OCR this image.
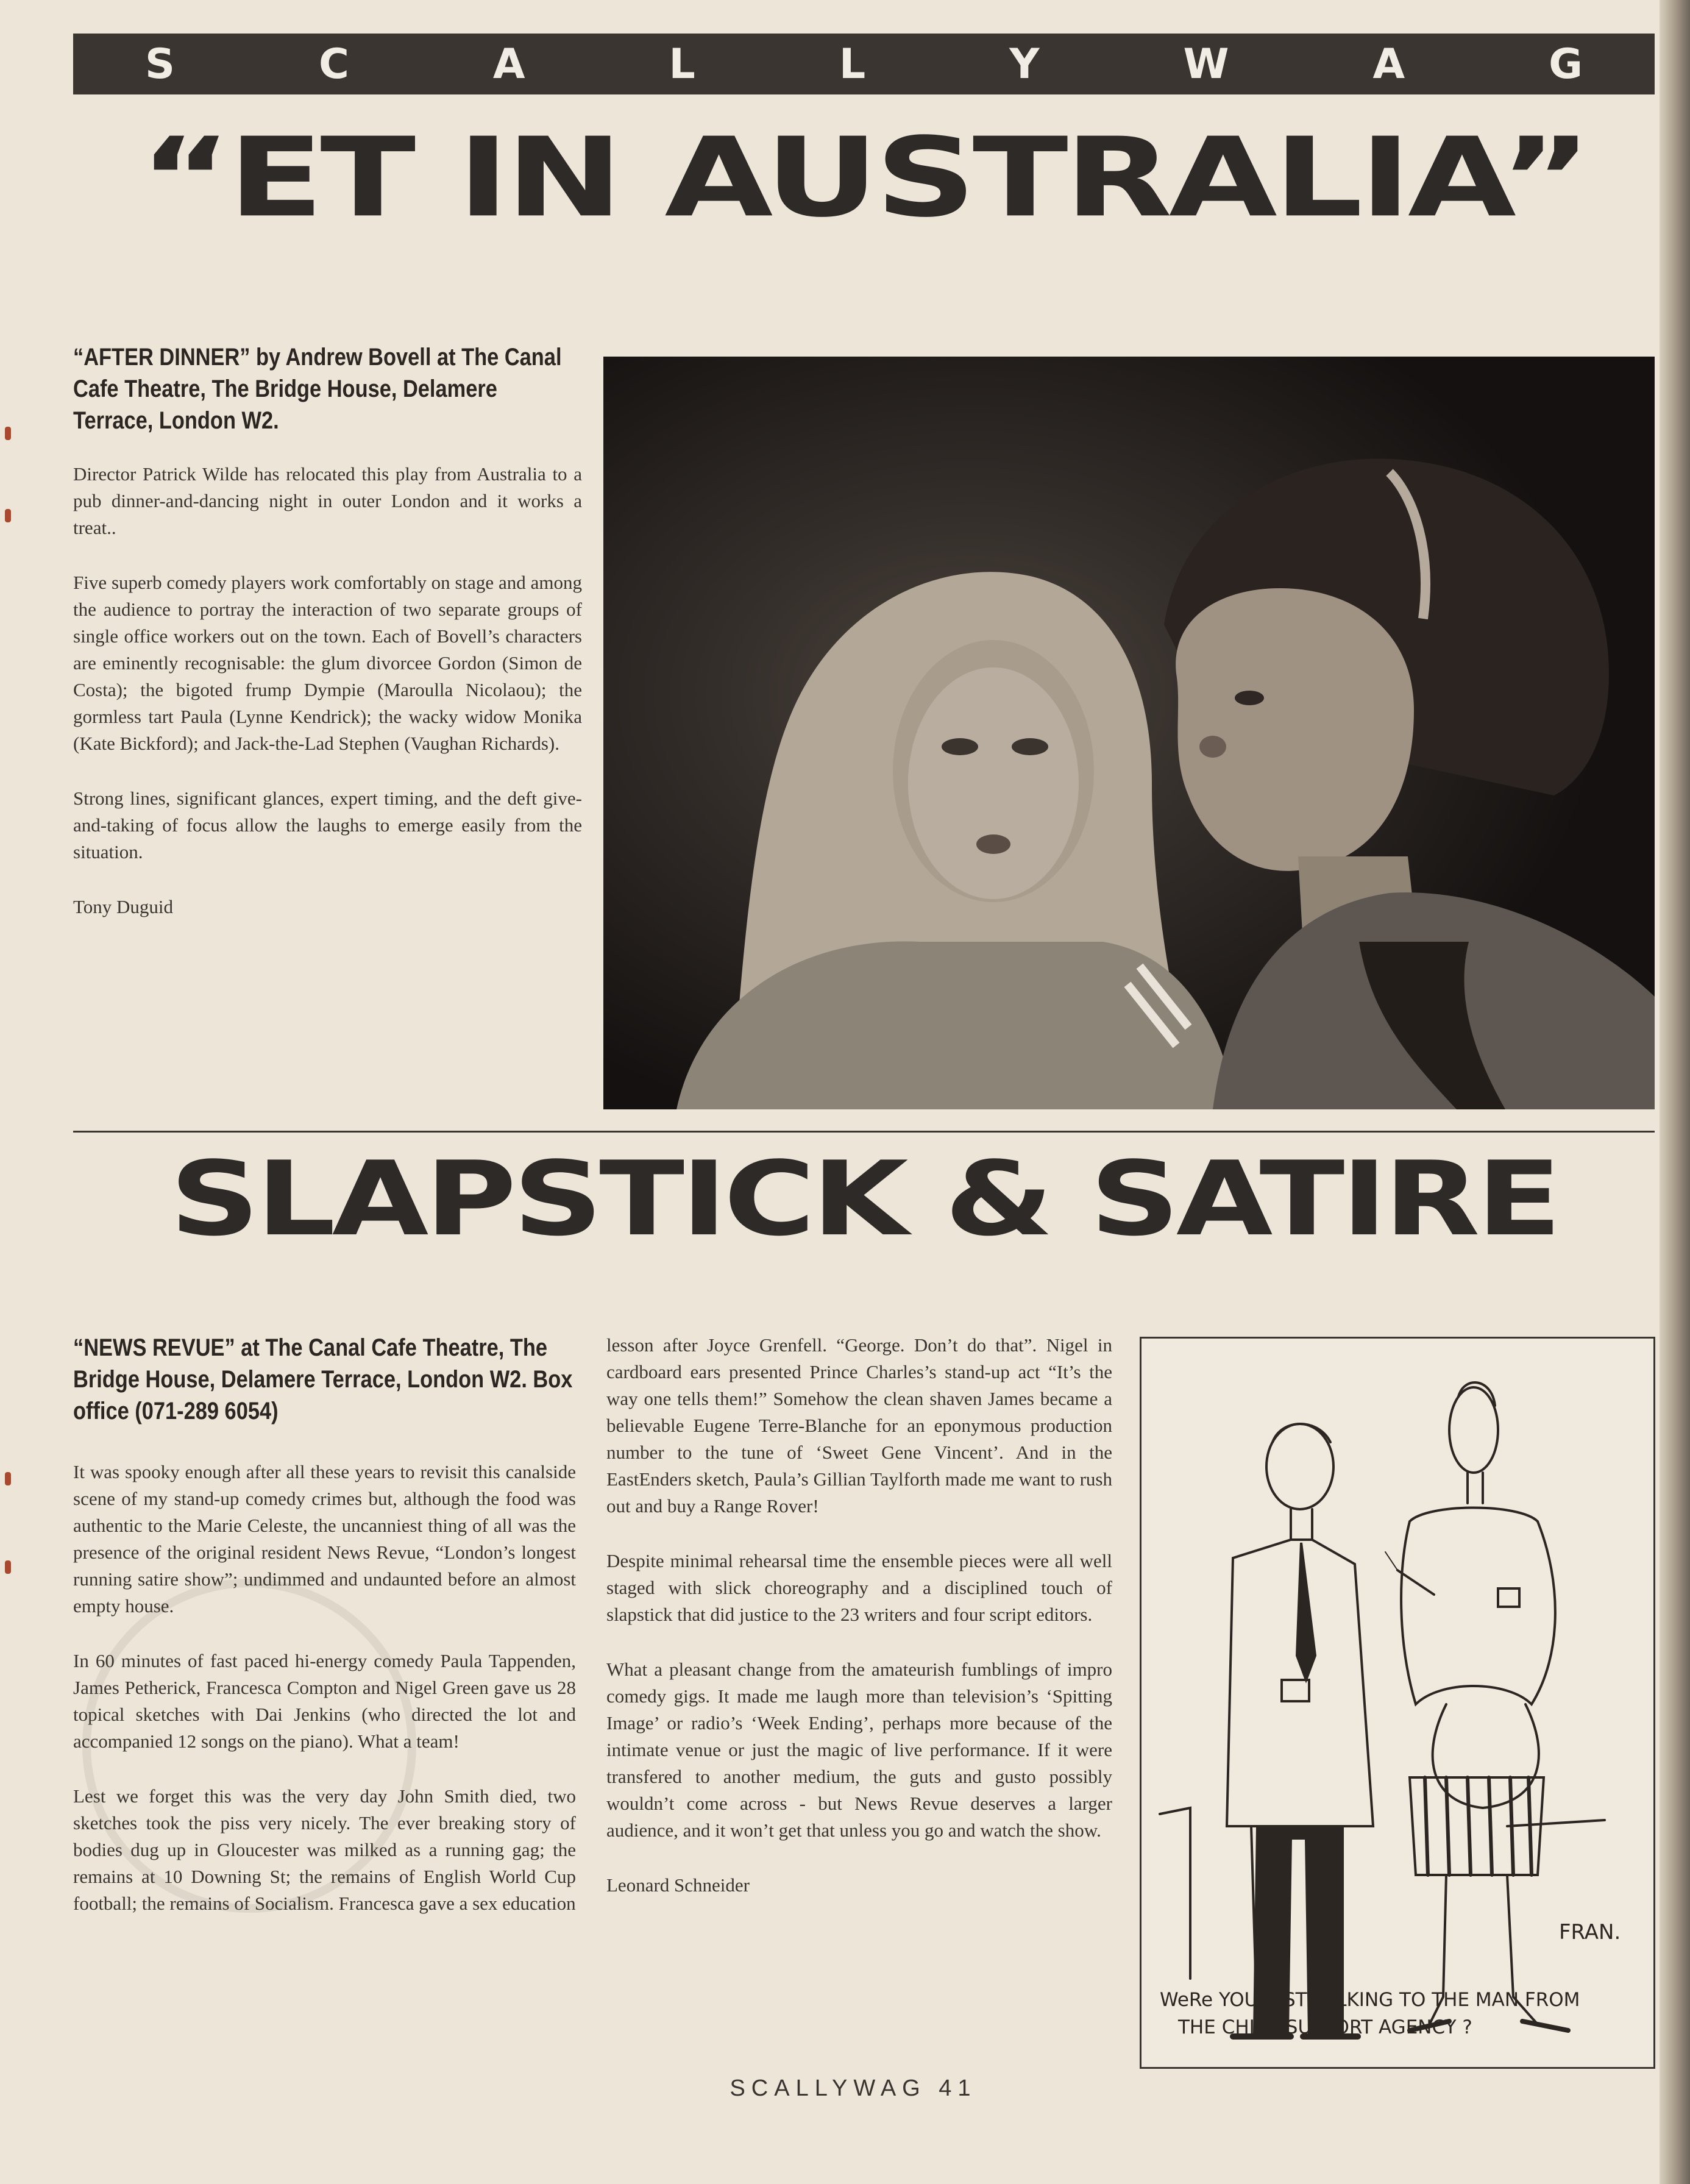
S	C	A	L	L	Y	W	A	G
“ET IN AUSTRALIA”
“AFTER DINNER” by Andrew Bovell at The Canal Cafe Theatre, The Bridge House, Delamere Terrace, London W2.

Director Patrick Wilde has relocated this play from Australia to a pub dinner-and-dancing night in outer London and it works a treat..

Five superb comedy players work comfortably on stage and among the audience to portray the interaction of two separate groups of single office workers out on the town. Each of Bovell’s characters are eminently recognisable: the glum divorcee Gordon (Simon de Costa); the bigoted frump Dympie (Maroulla Nicolaou); the gormless tart Paula (Lynne Kendrick); the wacky widow Monika (Kate Bickford); and Jack-the-Lad Stephen (Vaughan Richards).

Strong lines, significant glances, expert timing, and the deft give-and-taking of focus allow the laughs to emerge easily from the situation.

Tony Duguid

SLAPSTICK & SATIRE
“NEWS REVUE” at The Canal Cafe Theatre, The Bridge House, Delamere Terrace, London W2. Box office (071-289 6054)

It was spooky enough after all these years to revisit this canalside scene of my stand-up comedy crimes but, although the food was authentic to the Marie Celeste, the uncanniest thing of all was the presence of the original resident News Revue, “London’s longest running satire show”; undimmed and undaunted before an almost empty house.

In 60 minutes of fast paced hi-energy comedy Paula Tappenden, James Petherick, Francesca Compton and Nigel Green gave us 28 topical sketches with Dai Jenkins (who directed the lot and accompanied 12 songs on the piano). What a team!

Lest we forget this was the very day John Smith died, two sketches took the piss very nicely. The ever breaking story of bodies dug up in Gloucester was milked as a running gag; the remains at 10 Downing St; the remains of English World Cup football; the remains of Socialism. Francesca gave a sex education

lesson after Joyce Grenfell. “George. Don’t do that”. Nigel in cardboard ears presented Prince Charles’s stand-up act “It’s the way one tells them!” Somehow the clean shaven James became a believable Eugene Terre-Blanche for an eponymous production number to the tune of ‘Sweet Gene Vincent’. And in the EastEnders sketch, Paula’s Gillian Taylforth made me want to rush out and buy a Range Rover!

Despite minimal rehearsal time the ensemble pieces were all well staged with slick choreography and a disciplined touch of slapstick that did justice to the 23 writers and four script editors.

What a pleasant change from the amateurish fumblings of impro comedy gigs. It made me laugh more than television’s ‘Spitting Image’ or radio’s ‘Week Ending’, perhaps more because of the intimate venue or just the magic of live performance. If it were transfered to another medium, the guts and gusto possibly wouldn’t come across - but News Revue deserves a larger audience, and it won’t get that unless you go and watch the show.

Leonard Schneider

FRAN.
WeRe YOU JUST TALKING TO THE MAN FROM
THE CHILD SUPPORT AGENCY ?
SCALLYWAG 41
